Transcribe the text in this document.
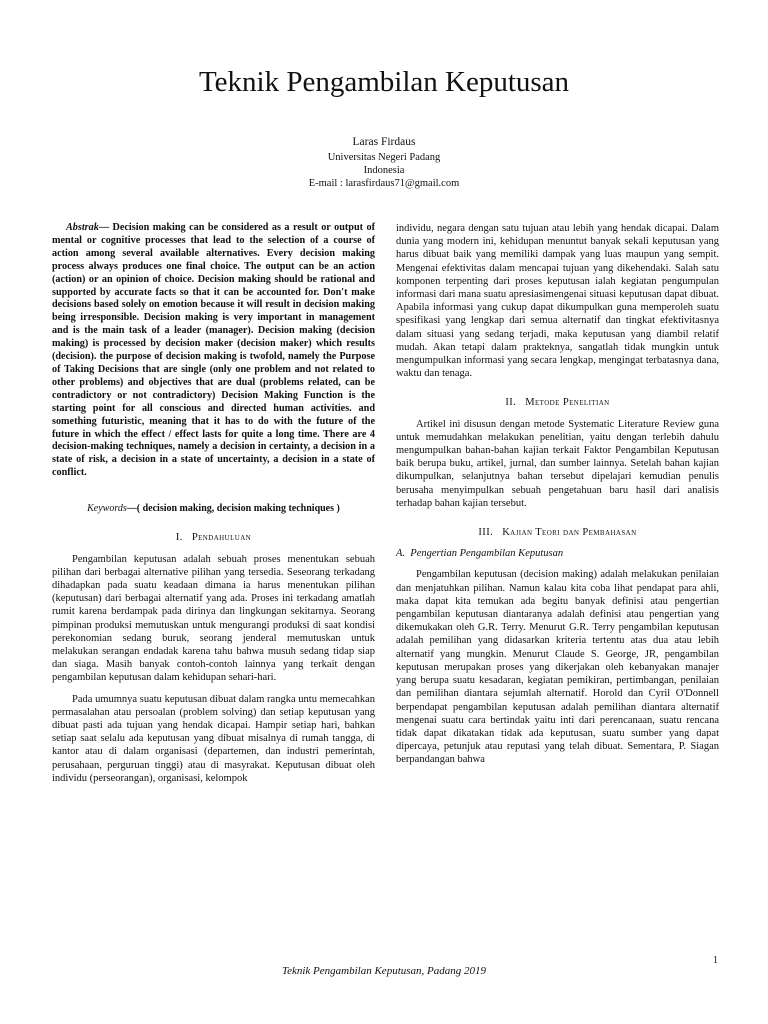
Teknik Pengambilan Keputusan
Laras Firdaus
Universitas Negeri Padang
Indonesia
E-mail : larasfirdaus71@gmail.com

Abstrak— Decision making can be considered as a result or output of mental or cognitive processes that lead to the selection of a course of action among several available alternatives. Every decision making process always produces one final choice. The output can be an action (action) or an opinion of choice. Decision making should be rational and supported by accurate facts so that it can be accounted for. Don't make decisions based solely on emotion because it will result in decision making being irresponsible. Decision making is very important in management and is the main task of a leader (manager). Decision making (decision making) is processed by decision maker (decision maker) which results (decision). the purpose of decision making is twofold, namely the Purpose of Taking Decisions that are single (only one problem and not related to other problems) and objectives that are dual (problems related, can be contradictory or not contradictory) Decision Making Function is the starting point for all conscious and directed human activities. and something futuristic, meaning that it has to do with the future of the future in which the effect / effect lasts for quite a long time. There are 4 decision-making techniques, namely a decision in certainty, a decision in a state of risk, a decision in a state of uncertainty, a decision in a state of conflict.

Keywords—( decision making, decision making techniques )

I.   Pendahuluan

Pengambilan keputusan adalah sebuah proses menentukan sebuah pilihan dari berbagai alternative pilihan yang tersedia. Seseorang terkadang dihadapkan pada suatu keadaan dimana ia harus menentukan pilihan (keputusan) dari berbagai alternatif yang ada. Proses ini terkadang amatlah rumit karena berdampak pada dirinya dan lingkungan sekitarnya. Seorang pimpinan produksi memutuskan untuk mengurangi produksi di saat kondisi perekonomian sedang buruk, seorang jenderal memutuskan untuk melakukan serangan endadak karena tahu bahwa musuh sedang tidap siap dan siaga. Masih banyak contoh-contoh lainnya yang terkait dengan pengambilan keputusan dalam kehidupan sehari-hari.

Pada umumnya suatu keputusan dibuat dalam rangka untu memecahkan permasalahan atau persoalan (problem solving) dan setiap keputusan yang dibuat pasti ada tujuan yang hendak dicapai. Hampir setiap hari, bahkan setiap saat selalu ada keputusan yang dibuat misalnya di rumah tangga, di kantor atau di dalam organisasi (departemen, dan industri pemerintah, perusahaan, perguruan tinggi) atau di masyrakat. Keputusan dibuat oleh individu (perseorangan), organisasi, kelompok

individu, negara dengan satu tujuan atau lebih yang hendak dicapai. Dalam dunia yang modern ini, kehidupan menuntut banyak sekali keputusan yang harus dibuat baik yang memiliki dampak yang luas maupun yang sempit. Mengenai efektivitas dalam mencapai tujuan yang dikehendaki. Salah satu komponen terpenting dari proses keputusan ialah kegiatan pengumpulan informasi dari mana suatu apresiasimengenai situasi keputusan dapat dibuat. Apabila informasi yang cukup dapat dikumpulkan guna memperoleh suatu spesifikasi yang lengkap dari semua alternatif dan tingkat efektivitasnya dalam situasi yang sedang terjadi, maka keputusan yang diambil relatif mudah. Akan tetapi dalam prakteknya, sangatlah tidak mungkin untuk mengumpulkan informasi yang secara lengkap, mengingat terbatasnya dana, waktu dan tenaga.

II.   Metode Penelitian

Artikel ini disusun dengan metode Systematic Literature Review guna untuk memudahkan melakukan penelitian, yaitu dengan terlebih dahulu mengumpulkan bahan-bahan kajian terkait Faktor Pengambilan Keputusan baik berupa buku, artikel, jurnal, dan sumber lainnya. Setelah bahan kajian dikumpulkan, selanjutnya bahan tersebut dipelajari kemudian penulis berusaha menyimpulkan sebuah pengetahuan baru hasil dari analisis terhadap bahan kajian tersebut.

III.   Kajian Teori dan Pembahasan
A.  Pengertian Pengambilan Keputusan

Pengambilan keputusan (decision making) adalah melakukan penilaian dan menjatuhkan pilihan. Namun kalau kita coba lihat pendapat para ahli, maka dapat kita temukan ada begitu banyak definisi atau pengertian pengambilan keputusan diantaranya adalah definisi atau pengertian yang dikemukakan oleh G.R. Terry. Menurut G.R. Terry pengambilan keputusan adalah pemilihan yang didasarkan kriteria tertentu atas dua atau lebih alternatif yang mungkin. Menurut Claude S. George, JR, pengambilan keputusan merupakan proses yang dikerjakan oleh kebanyakan manajer yang berupa suatu kesadaran, kegiatan pemikiran, pertimbangan, penilaian dan pemilihan diantara sejumlah alternatif. Horold dan Cyril O'Donnell berpendapat pengambilan keputusan adalah pemilihan diantara alternatif mengenai suatu cara bertindak yaitu inti dari perencanaan, suatu rencana tidak dapat dikatakan tidak ada keputusan, suatu sumber yang dapat dipercaya, petunjuk atau reputasi yang telah dibuat. Sementara, P. Siagan berpandangan bahwa

1
Teknik Pengambilan Keputusan, Padang 2019
